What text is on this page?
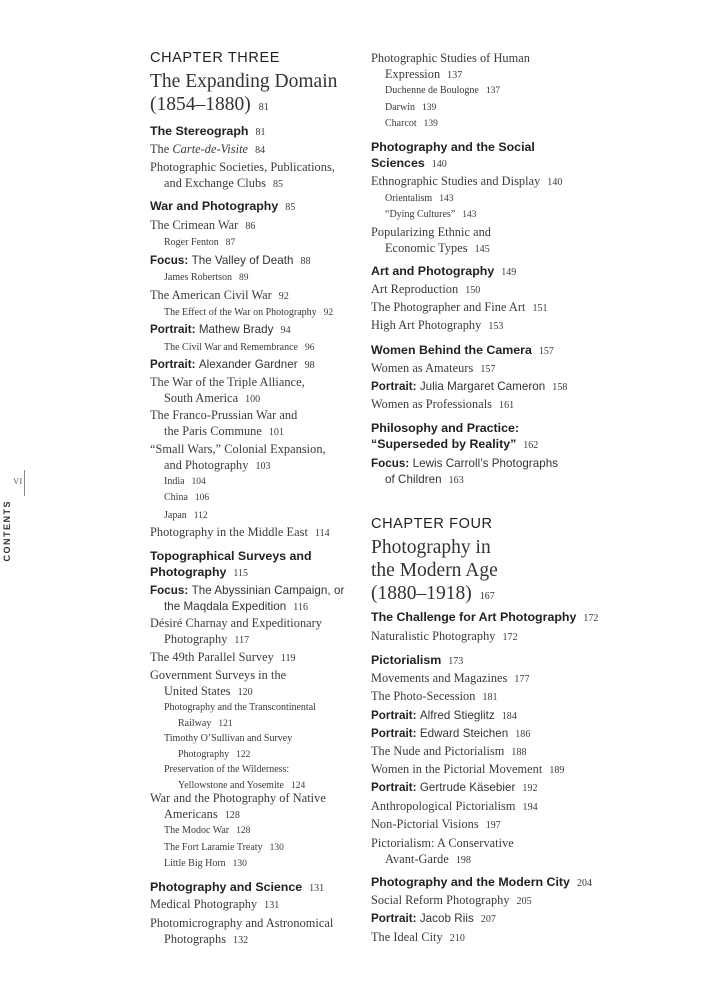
VI
CONTENTS
CHAPTER THREE
The Expanding Domain
(1854–1880) 81
The Stereograph 81
The Carte-de-Visite 84
Photographic Societies, Publications,
and Exchange Clubs 85
War and Photography 85
The Crimean War 86
Roger Fenton 87
Focus: The Valley of Death 88
James Robertson 89
The American Civil War 92
The Effect of the War on Photography 92
Portrait: Mathew Brady 94
The Civil War and Remembrance 96
Portrait: Alexander Gardner 98
The War of the Triple Alliance,
South America 100
The Franco-Prussian War and
the Paris Commune 101
“Small Wars,” Colonial Expansion,
and Photography 103
India 104
China 106
Japan 112
Photography in the Middle East 114
Topographical Surveys and
Photography 115
Focus: The Abyssinian Campaign, or
the Maqdala Expedition 116
Désiré Charnay and Expeditionary
Photography 117
The 49th Parallel Survey 119
Government Surveys in the
United States 120
Photography and the Transcontinental
Railway 121
Timothy O’Sullivan and Survey
Photography 122
Preservation of the Wilderness:
Yellowstone and Yosemite 124
War and the Photography of Native
Americans 128
The Modoc War 128
The Fort Laramie Treaty 130
Little Big Horn 130
Photography and Science 131
Medical Photography 131
Photomicrography and Astronomical
Photographs 132
CHAPTER FOUR
Photography in
the Modern Age
(1880–1918) 167
Photographic Studies of Human
Expression 137
Duchenne de Boulogne 137
Darwin 139
Charcot 139
Photography and the Social
Sciences 140
Ethnographic Studies and Display 140
Orientalism 143
“Dying Cultures” 143
Popularizing Ethnic and
Economic Types 145
Art and Photography 149
Art Reproduction 150
The Photographer and Fine Art 151
High Art Photography 153
Women Behind the Camera 157
Women as Amateurs 157
Portrait: Julia Margaret Cameron 158
Women as Professionals 161
Philosophy and Practice:
“Superseded by Reality” 162
Focus: Lewis Carroll’s Photographs
of Children 163
The Challenge for Art Photography 172
Naturalistic Photography 172
Pictorialism 173
Movements and Magazines 177
The Photo-Secession 181
Portrait: Alfred Stieglitz 184
Portrait: Edward Steichen 186
The Nude and Pictorialism 188
Women in the Pictorial Movement 189
Portrait: Gertrude Käsebier 192
Anthropological Pictorialism 194
Non-Pictorial Visions 197
Pictorialism: A Conservative
Avant-Garde 198
Photography and the Modern City 204
Social Reform Photography 205
Portrait: Jacob Riis 207
The Ideal City 210
